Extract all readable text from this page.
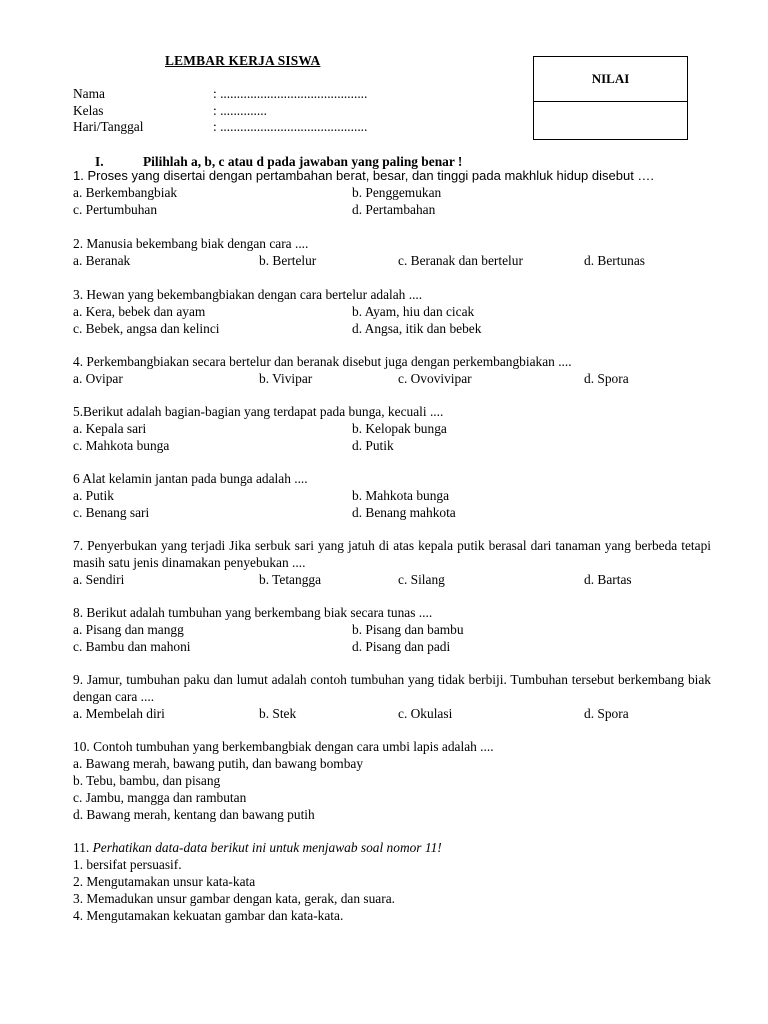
LEMBAR KERJA SISWA
NILAI
Nama	: ............................................
Kelas	: ..............
Hari/Tanggal	: ............................................
I.	Pilihlah a, b, c atau d pada jawaban yang paling benar !
1. Proses yang disertai dengan pertambahan berat, besar, dan tinggi pada makhluk hidup disebut ….
a. Berkembangbiak	b. Penggemukan
c. Pertumbuhan	d. Pertambahan
2. Manusia bekembang biak dengan cara ....
a. Beranak	b. Bertelur	c. Beranak dan bertelur	d. Bertunas
3. Hewan yang bekembangbiakan dengan cara bertelur adalah ....
a. Kera, bebek dan ayam	b. Ayam, hiu dan cicak
c. Bebek, angsa dan kelinci	d. Angsa, itik dan bebek
4. Perkembangbiakan secara bertelur dan beranak disebut juga dengan perkembangbiakan ....
a. Ovipar	b. Vivipar	c. Ovovivipar	d. Spora
5.Berikut adalah bagian-bagian yang terdapat pada bunga, kecuali ....
a. Kepala sari	b. Kelopak bunga
c. Mahkota bunga	d. Putik
6 Alat kelamin jantan pada bunga adalah ....
a. Putik	b. Mahkota bunga
c. Benang sari	d. Benang mahkota
7. Penyerbukan yang terjadi Jika serbuk sari yang jatuh di atas kepala putik berasal dari tanaman yang berbeda tetapi masih satu jenis dinamakan penyebukan ....
a. Sendiri	b. Tetangga	c. Silang	d. Bartas
8. Berikut adalah tumbuhan yang berkembang biak secara tunas ....
a. Pisang dan mangg	b. Pisang dan bambu
c. Bambu dan mahoni	d. Pisang dan padi
9. Jamur, tumbuhan paku dan lumut adalah contoh tumbuhan yang tidak berbiji. Tumbuhan tersebut berkembang biak dengan cara ....
a. Membelah diri	b. Stek	c. Okulasi	d. Spora
10. Contoh tumbuhan yang berkembangbiak dengan cara umbi lapis adalah ....
a. Bawang merah, bawang putih, dan bawang bombay
b. Tebu, bambu, dan pisang
c. Jambu, mangga dan rambutan
d. Bawang merah, kentang dan bawang putih
11. Perhatikan data-data berikut ini untuk menjawab soal nomor 11!
1. bersifat persuasif.
2. Mengutamakan unsur kata-kata
3. Memadukan unsur gambar dengan kata, gerak, dan suara.
4. Mengutamakan kekuatan gambar dan kata-kata.
